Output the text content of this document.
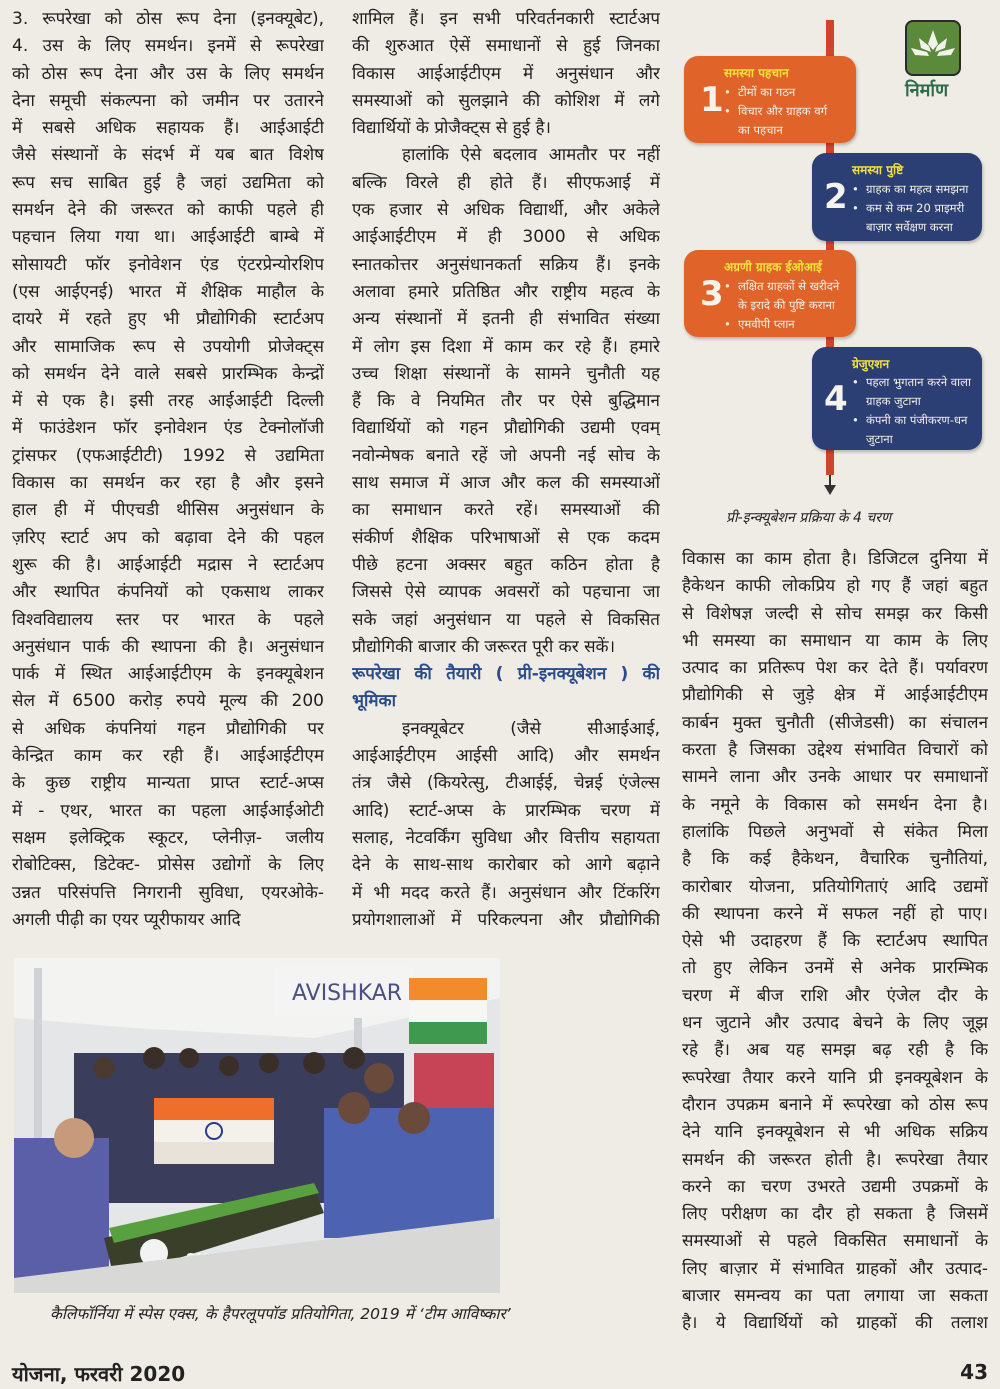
3. रूपरेखा को ठोस रूप देना (इनक्यूबेट),
4. उस के लिए समर्थन। इनमें से रूपरेखा
को ठोस रूप देना और उस के लिए समर्थन
देना समूची संकल्पना को जमीन पर उतारने
में सबसे अधिक सहायक हैं। आईआईटी
जैसे संस्थानों के संदर्भ में यब बात विशेष
रूप सच साबित हुई है जहां उद्यमिता को
समर्थन देने की जरूरत को काफी पहले ही
पहचान लिया गया था। आईआईटी बाम्बे में
सोसायटी फॉर इनोवेशन एंड एंटरप्रेन्योरशिप
(एस आईएनई) भारत में शैक्षिक माहौल के
दायरे में रहते हुए भी प्रौद्योगिकी स्टार्टअप
और सामाजिक रूप से उपयोगी प्रोजेक्ट्स
को समर्थन देने वाले सबसे प्रारम्भिक केन्द्रों
में से एक है। इसी तरह आईआईटी दिल्ली
में फाउंडेशन फॉर इनोवेशन एंड टेक्नोलॉजी
ट्रांसफर (एफआईटीटी) 1992 से उद्यमिता
विकास का समर्थन कर रहा है और इसने
हाल ही में पीएचडी थीसिस अनुसंधान के
ज़रिए स्टार्ट अप को बढ़ावा देने की पहल
शुरू की है। आईआईटी मद्रास ने स्टार्टअप
और स्थापित कंपनियों को एकसाथ लाकर
विश्वविद्यालय स्तर पर भारत के पहले
अनुसंधान पार्क की स्थापना की है। अनुसंधान
पार्क में स्थित आईआईटीएम के इनक्यूबेशन
सेल में 6500 करोड़ रुपये मूल्य की 200
से अधिक कंपनियां गहन प्रौद्योगिकी पर
केन्द्रित काम कर रही हैं। आईआईटीएम
के कुछ राष्ट्रीय मान्यता प्राप्त स्टार्ट-अप्स
में - एथर, भारत का पहला आईआईओटी
सक्षम इलेक्ट्रिक स्कूटर, प्लेनीज़- जलीय
रोबोटिक्स, डिटेक्ट- प्रोसेस उद्योगों के लिए
उन्नत परिसंपत्ति निगरानी सुविधा, एयरओके-
अगली पीढ़ी का एयर प्यूरीफायर आदि
शामिल हैं। इन सभी परिवर्तनकारी स्टार्टअप
की शुरुआत ऐसें समाधानों से हुई जिनका
विकास आईआईटीएम में अनुसंधान और
समस्याओं को सुलझाने की कोशिश में लगे
विद्यार्थियों के प्रोजैक्ट्स से हुई है।
हालांकि ऐसे बदलाव आमतौर पर नहीं
बल्कि विरले ही होते हैं। सीएफआई में
एक हजार से अधिक विद्यार्थी, और अकेले
आईआईटीएम में ही 3000 से अधिक
स्नातकोत्तर अनुसंधानकर्ता सक्रिय हैं। इनके
अलावा हमारे प्रतिष्ठित और राष्ट्रीय महत्व के
अन्य संस्थानों में इतनी ही संभावित संख्या
में लोग इस दिशा में काम कर रहे हैं। हमारे
उच्च शिक्षा संस्थानों के सामने चुनौती यह
हैं कि वे नियमित तौर पर ऐसे बुद्धिमान
विद्यार्थियों को गहन प्रौद्योगिकी उद्यमी एवम्
नवोन्मेषक बनाते रहें जो अपनी नई सोच के
साथ समाज में आज और कल की समस्याओं
का समाधान करते रहें। समस्याओं की
संकीर्ण शैक्षिक परिभाषाओं से एक कदम
पीछे हटना अक्सर बहुत कठिन होता है
जिससे ऐसे व्यापक अवसरों को पहचाना जा
सके जहां अनुसंधान या पहले से विकसित
प्रौद्योगिकी बाजार की जरूरत पूरी कर सकें।
रूपरेखा की तैयारी ( प्री-इनक्यूबेशन ) की
भूमिका
इनक्यूबेटर (जैसे सीआईआई,
आईआईटीएम आईसी आदि) और समर्थन
तंत्र जैसे (कियरेत्सु, टीआईई, चेन्नई एंजेल्स
आदि) स्टार्ट-अप्स के प्रारम्भिक चरण में
सलाह, नेटवर्किंग सुविधा और वित्तीय सहायता
देने के साथ-साथ कारोबार को आगे बढ़ाने
में भी मदद करते हैं। अनुसंधान और टिंकरिंग
प्रयोगशालाओं में परिकल्पना और प्रौद्योगिकी
विकास का काम होता है। डिजिटल दुनिया में
हैकेथन काफी लोकप्रिय हो गए हैं जहां बहुत
से विशेषज्ञ जल्दी से सोच समझ कर किसी
भी समस्या का समाधान या काम के लिए
उत्पाद का प्रतिरूप पेश कर देते हैं। पर्यावरण
प्रौद्योगिकी से जुड़े क्षेत्र में आईआईटीएम
कार्बन मुक्त चुनौती (सीजेडसी) का संचालन
करता है जिसका उद्देश्य संभावित विचारों को
सामने लाना और उनके आधार पर समाधानों
के नमूने के विकास को समर्थन देना है।
हालांकि पिछले अनुभवों से संकेत मिला
है कि कई हैकेथन, वैचारिक चुनौतियां,
कारोबार योजना, प्रतियोगिताएं आदि उद्यमों
की स्थापना करने में सफल नहीं हो पाए।
ऐसे भी उदाहरण हैं कि स्टार्टअप स्थापित
तो हुए लेकिन उनमें से अनेक प्रारम्भिक
चरण में बीज राशि और एंजेल दौर के
धन जुटाने और उत्पाद बेचने के लिए जूझ
रहे हैं। अब यह समझ बढ़ रही है कि
रूपरेखा तैयार करने यानि प्री इनक्यूबेशन के
दौरान उपक्रम बनाने में रूपरेखा को ठोस रूप
देने यानि इनक्यूबेशन से भी अधिक सक्रिय
समर्थन की जरूरत होती है। रूपरेखा तैयार
करने का चरण उभरते उद्यमी उपक्रमों के
लिए परीक्षण का दौर हो सकता है जिसमें
समस्याओं से पहले विकसित समाधानों के
लिए बाज़ार में संभावित ग्राहकों और उत्पाद-
बाजार समन्वय का पता लगाया जा सकता
है। ये विद्यार्थियों को ग्राहकों की तलाश
AVISHKAR
कैलिफॉर्निया में स्पेस एक्स, के हैपरलूपपॉड प्रतियोगिता, 2019 में ‘टीम आविष्कार’
निर्माण
1
समस्या पहचान
• टीमों का गठन
• विचार और ग्राहक वर्ग
का पहचान
2
समस्या पुष्टि
• ग्राहक का महत्व समझना
• कम से कम 20 प्राइमरी
बाज़ार सर्वेक्षण करना
3
अग्रणी ग्राहक ईओआई
• लक्षित ग्राहकों से खरीदने
के इरादे की पुष्टि कराना
• एमवीपी प्लान
4
ग्रेजुएशन
• पहला भुगतान करने वाला
ग्राहक जुटाना
• कंपनी का पंजीकरण-धन
जुटाना
प्री-इन्क्यूबेशन प्रक्रिया के 4 चरण
योजना, फरवरी 2020	43
